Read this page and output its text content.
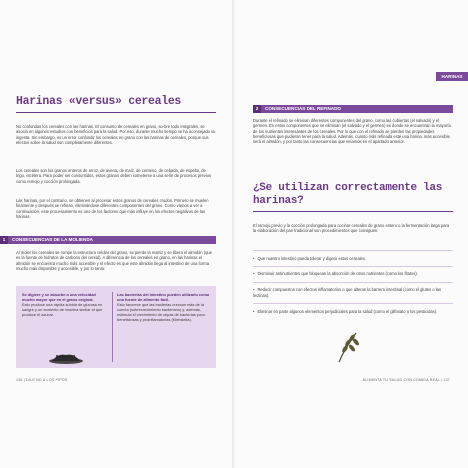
Harinas «versus» cereales

No confundas los cereales con las harinas. El consumo de cereales en grano, so-bre todo integrales, se asocia en algunos estudios con beneficios para la salud. Por eso, durante mucho tiempo se ha aconsejado su ingesta. Sin embargo, es un error confundir los cereales en grano con las harinas de cereales, porque sus efectos sobre la salud son completamente diferentes.

Los cereales son los granos enteros de arroz, de avena, de maíz, de centeno, de cebada, de espelta, de trigo, etcétera. Para poder ser consumidos, estos granos deben someterse a una serie de procesos previos como remojo y cocción prolongada.

Las harinas, por el contrario, se obtienen al procesar estos granos de cereales crudos. Primero se muelen finamente y después se refinan, eliminándose diferentes componentes del grano. Como vamos a ver a continuación, este procesamiento es uno de los factores que más influye en los efectos negativos de las harinas.

1 CONSECUENCIAS DE LA MOLIENDA

Al moler los cereales se rompe la estructura celular del grano, se pierde la matriz y se libera el almidón (que es la fuente de hidratos de carbono del cereal). A diferencia de los cereales en grano, en las harinas el almidón se encuentra mucho más accesible y el efecto es que este almidón llega al intestino de una forma mucho más disponible y accesible, y por lo tanto:

Se digiere y se absorbe a una velocidad mucho mayor que en el grano original.
Esto produce una rápida subida de glucosa en sangre y un aumento de insulina similar al que produce el azúcar.
Las bacterias del intestino pueden utilizarlo como una fuente de alimento fácil.
Esto favorece que las bacterias crezcan más de la cuenta (sobrecrecimiento bacteriano) y, además, estimula el crecimiento de cepas de bacterias poco beneficiosas y proinflamatorias (Klebsiella).
136 | DILE NO A LOS PIPOS
HARINAS
2 CONSECUENCIAS DEL REFINADO

Durante el refinado se eliminan diferentes componentes del grano, como las cubiertas (el salvado) y el germen. En estos componentes que se eliminan (el salvado y el germen) es donde se encuentran la mayoría de los nutrientes interesantes de los cereales. Por lo que con el refinado se pierden las propiedades beneficiosas que pudieran tener para la salud. Además, cuanto más refinada esté una harina, más accesible será el almidón, y por tanto las consecuencias que veíamos en el apartado anterior.

¿Se utilizan correctamente las harinas?

El remojo previo y la cocción prolongada para cocinar cereales de grano entero o la fermentación larga para la elaboración del pan tradicional son procedimientos que consiguen:

• Que nuestro intestino pueda tolerar y digerir estos cereales.
• Disminuir antinutrientes que bloquean la absorción de otros nutrientes (como los fitatos).
• Reducir compuestos con efectos inflamatorios o que alteran la barrera intestinal (como el gluten o las lectinas).
• Eliminar en parte algunos elementos perjudiciales para la salud (como el glifosato o los pesticidas).
ALIMENTA TU SALUD CON COMIDA REAL | 137
